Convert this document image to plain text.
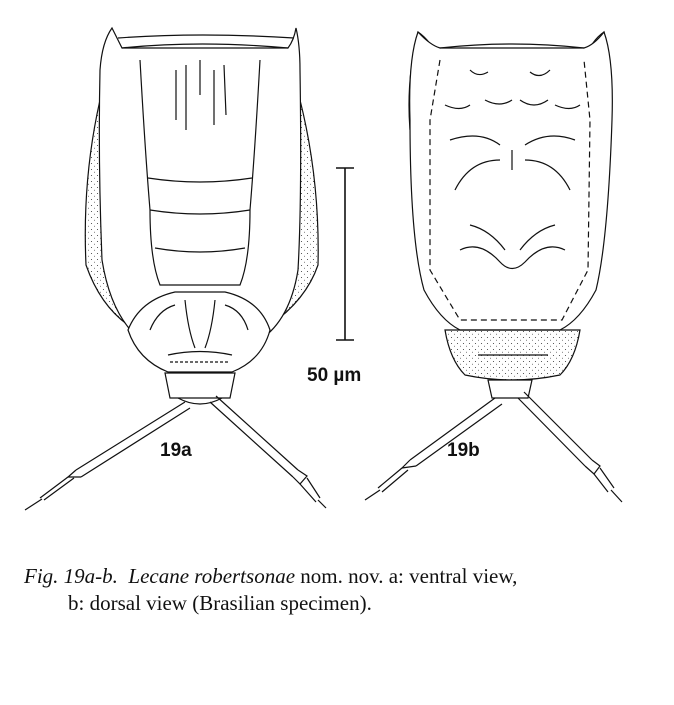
19a	19b
50 µm
Fig. 19a-b. Lecane robertsonae nom. nov. a: ventral view,
b: dorsal view (Brasilian specimen).
